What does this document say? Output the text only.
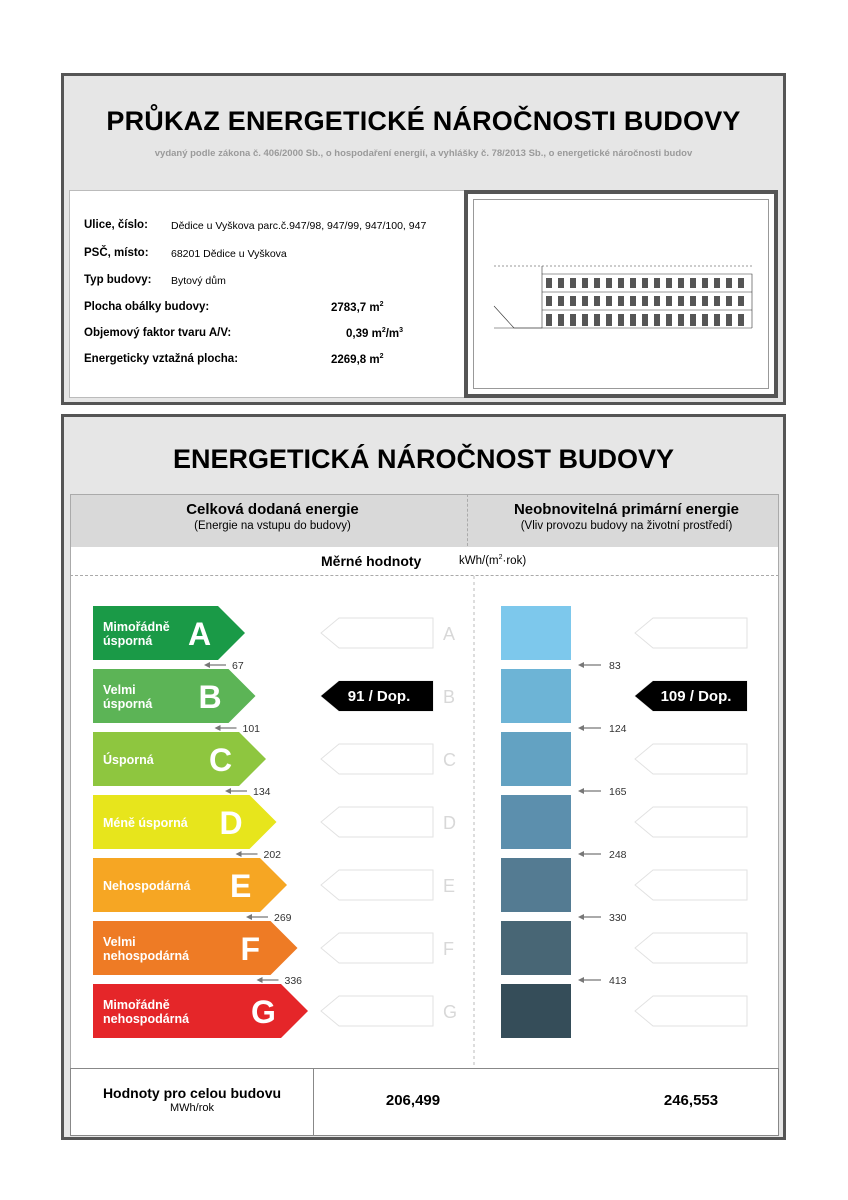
PRŮKAZ ENERGETICKÉ NÁROČNOSTI BUDOVY
vydaný podle zákona č. 406/2000 Sb., o hospodaření energií, a vyhlášky č. 78/2013 Sb., o energetické náročnosti budov
Ulice, číslo: Dědice u Vyškova parc.č.947/98, 947/99, 947/100, 947
PSČ, místo: 68201 Dědice u Vyškova
Typ budovy: Bytový dům
Plocha obálky budovy:	2783,7 $m^2$
Objemový faktor tvaru A/V:	0,39 $m^2/m^3$
Energeticky vztažná plocha:	2269,8 $m^2$
ENERGETICKÁ NÁROČNOST BUDOVY
Celková dodaná energie
(Energie na vstupu do budovy)
Neobnovitelná primární energie
(Vliv provozu budovy na životní prostředí)
Měrné hodnoty	kWh/$(m^2\cdot rok)$
Mimořádně
úsporná A
67
A
Velmi
úsporná B
101
B
Úsporná C
134
C
Méně úsporná D
202
D
Nehospodárná E
269
E
Velmi
nehospodárná F
336
F
Mimořádně
nehospodárná G	G
91 / Dop.
83
124
165
248
330
413
109 / Dop.
Hodnoty pro celou budovu
MWh/rok	206,499	246,553
